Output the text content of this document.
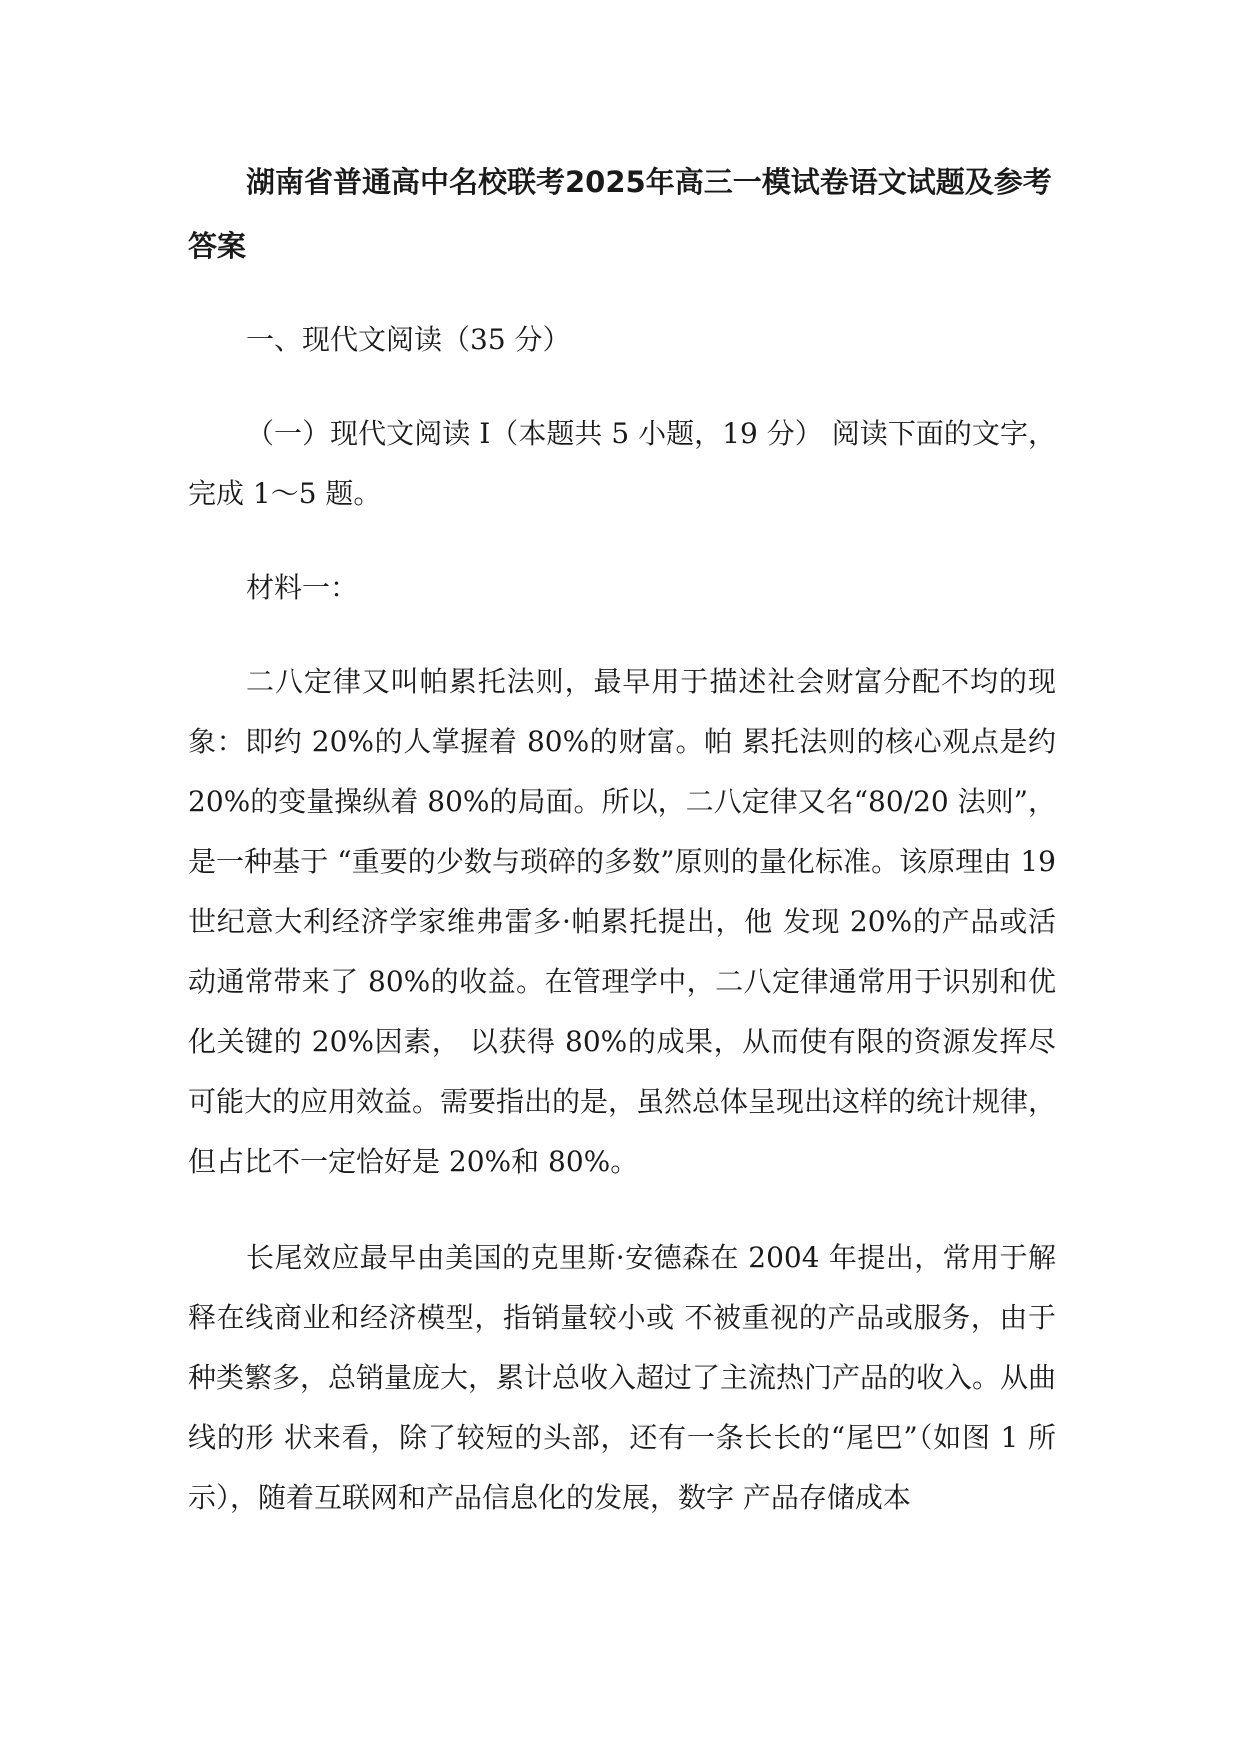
湖南省普通高中名校联考2025年高三一模试卷语文试题及参考答案
一、现代文阅读（35 分）
（一）现代文阅读 I（本题共 5 小题，19 分） 阅读下面的文字，完成 1～5 题。
材料一：
二八定律又叫帕累托法则，最早用于描述社会财富分配不均的现象：即约 20%的人掌握着 80%的财富。帕 累托法则的核心观点是约 20%的变量操纵着 80%的局面。所以，二八定律又名“80/20 法则”，是一种基于 “重要的少数与琐碎的多数”原则的量化标准。该原理由 19 世纪意大利经济学家维弗雷多·帕累托提出，他 发现 20%的产品或活动通常带来了 80%的收益。在管理学中，二八定律通常用于识别和优化关键的 20%因素， 以获得 80%的成果，从而使有限的资源发挥尽可能大的应用效益。需要指出的是，虽然总体呈现出这样的统计规律，但占比不一定恰好是 20%和 80%。
长尾效应最早由美国的克里斯·安德森在 2004 年提出，常用于解释在线商业和经济模型，指销量较小或 不被重视的产品或服务，由于种类繁多，总销量庞大，累计总收入超过了主流热门产品的收入。从曲线的形 状来看，除了较短的头部，还有一条长长的“尾巴”（如图 1 所示），随着互联网和产品信息化的发展，数字 产品存储成本
